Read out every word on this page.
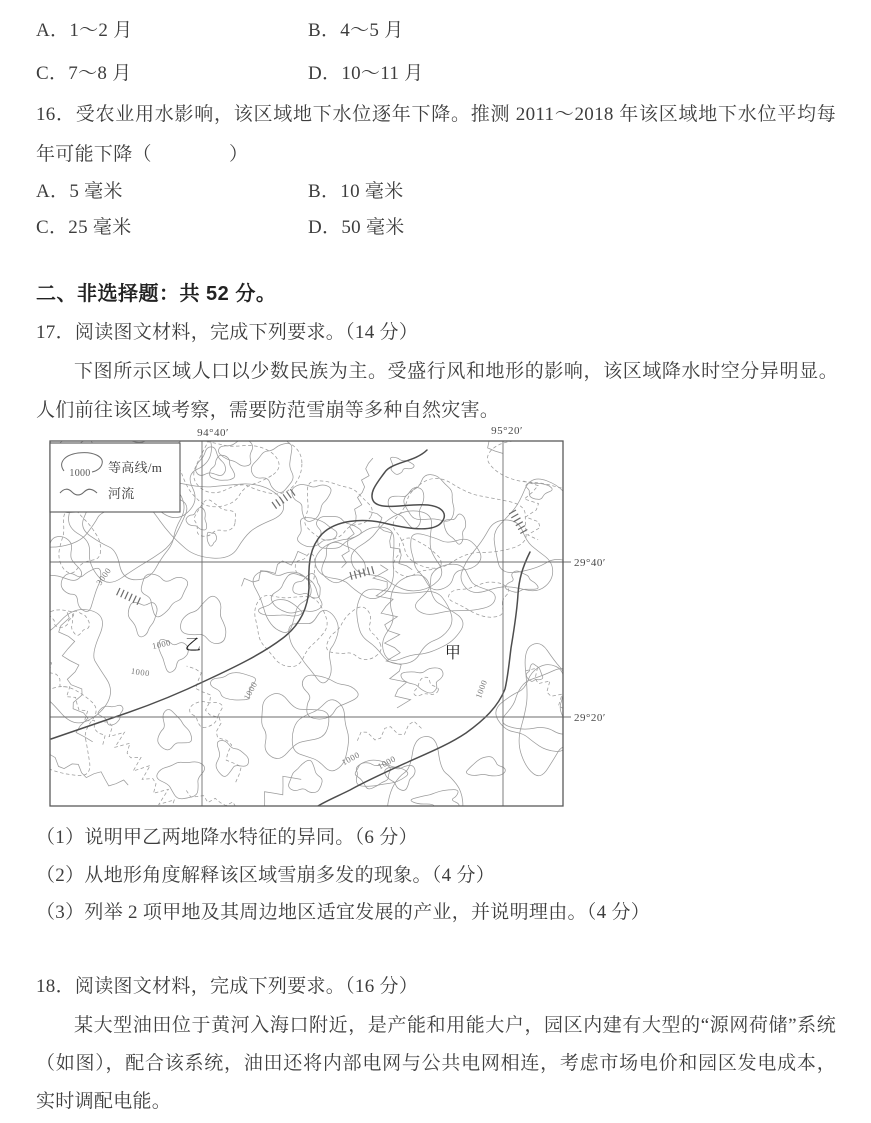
A．1～2 月	B．4～5 月
C．7～8 月	D．10～11 月

16．受农业用水影响，该区域地下水位逐年下降。推测 2011～2018 年该区域地下水位平均每年可能下降（　　　　）

A．5 毫米	B．10 毫米
C．25 毫米	D．50 毫米
二、非选择题：共 52 分。

17．阅读图文材料，完成下列要求。（14 分）

下图所示区域人口以少数民族为主。受盛行风和地形的影响，该区域降水时空分异明显。人们前往该区域考察，需要防范雪崩等多种自然灾害。

1000 等高线/m
河流
94°40′	95°20′
29°40′
29°20′
乙	甲
3000
1000
1000
1000	1000
1000 1000

（1）说明甲乙两地降水特征的异同。（6 分）

（2）从地形角度解释该区域雪崩多发的现象。（4 分）

（3）列举 2 项甲地及其周边地区适宜发展的产业，并说明理由。（4 分）

18．阅读图文材料，完成下列要求。（16 分）

某大型油田位于黄河入海口附近，是产能和用能大户，园区内建有大型的“源网荷储”系统（如图），配合该系统，油田还将内部电网与公共电网相连，考虑市场电价和园区发电成本，实时调配电能。
